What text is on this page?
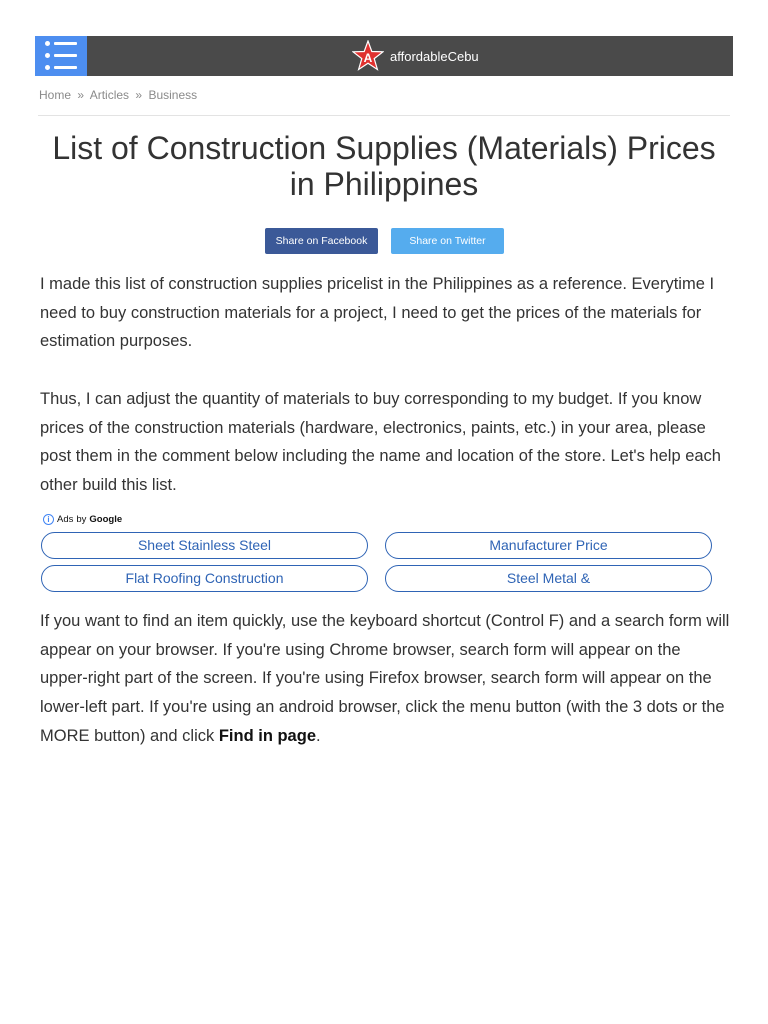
A affordableCebu
Home » Articles » Business
List of Construction Supplies (Materials) Prices in Philippines
Share on Facebook	Share on Twitter

I made this list of construction supplies pricelist in the Philippines as a reference. Everytime I need to buy construction materials for a project, I need to get the prices of the materials for estimation purposes.

Thus, I can adjust the quantity of materials to buy corresponding to my budget. If you know prices of the construction materials (hardware, electronics, paints, etc.) in your area, please post them in the comment below including the name and location of the store. Let's help each other build this list.

i Ads by Google
Sheet Stainless Steel	Manufacturer Price
Flat Roofing Construction	Steel Metal &

If you want to find an item quickly, use the keyboard shortcut (Control F) and a search form will appear on your browser. If you're using Chrome browser, search form will appear on the upper-right part of the screen. If you're using Firefox browser, search form will appear on the lower-left part. If you're using an android browser, click the menu button (with the 3 dots or the MORE button) and click Find in page.
